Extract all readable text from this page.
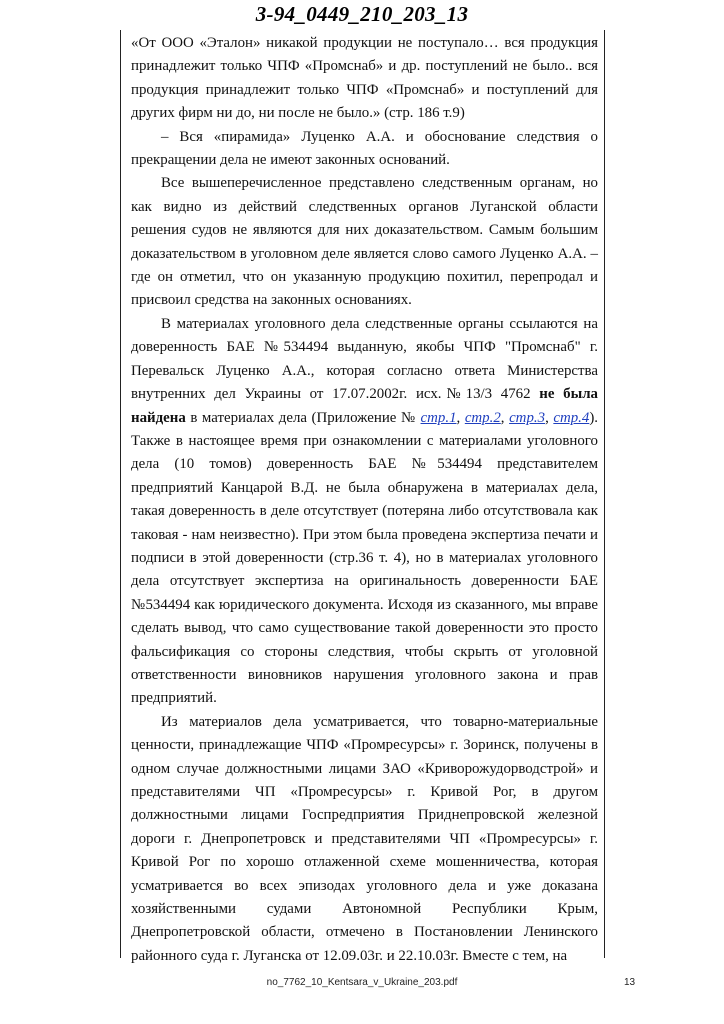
3-94_0449_210_203_13

«От ООО «Эталон» никакой продукции не поступало… вся продукция принадлежит только ЧПФ «Промснаб» и др. поступлений не было.. вся продукция принадлежит только ЧПФ «Промснаб» и поступлений для других фирм ни до, ни после не было.» (стр. 186 т.9)

– Вся «пирамида» Луценко А.А. и обоснование следствия о прекращении дела не имеют законных оснований.

Все вышеперечисленное представлено следственным органам, но как видно из действий следственных органов Луганской области решения судов не являются для них доказательством. Самым большим доказательством в уголовном деле является слово самого Луценко А.А. – где он отметил, что он указанную продукцию похитил, перепродал и присвоил средства на законных основаниях.

В материалах уголовного дела следственные органы ссылаются на доверенность БАЕ №534494 выданную, якобы ЧПФ "Промснаб" г. Перевальск Луценко А.А., которая согласно ответа Министерства внутренних дел Украины от 17.07.2002г. исх.№13/3 4762 не была найдена в материалах дела (Приложение № стр.1, стр.2, стр.3, стр.4). Также в настоящее время при ознакомлении с материалами уголовного дела (10 томов) доверенность БАЕ №534494 представителем предприятий Канцарой В.Д. не была обнаружена в материалах дела, такая доверенность в деле отсутствует (потеряна либо отсутствовала как таковая - нам неизвестно). При этом была проведена экспертиза печати и подписи в этой доверенности (стр.36 т. 4), но в материалах уголовного дела отсутствует экспертиза на оригинальность доверенности БАЕ №534494 как юридического документа. Исходя из сказанного, мы вправе сделать вывод, что само существование такой доверенности это просто фальсификация со стороны следствия, чтобы скрыть от уголовной ответственности виновников нарушения уголовного закона и прав предприятий.

Из материалов дела усматривается, что товарно-материальные ценности, принадлежащие ЧПФ «Промресурсы» г. Зоринск, получены в одном случае должностными лицами ЗАО «Криворожудорводстрой» и представителями ЧП «Промресурсы» г. Кривой Рог, в другом должностными лицами Госпредприятия Приднепровской железной дороги г. Днепропетровск и представителями ЧП «Промресурсы» г. Кривой Рог по хорошо отлаженной схеме мошенничества, которая усматривается во всех эпизодах уголовного дела и уже доказана хозяйственными судами Автономной Республики Крым, Днепропетровской области, отмечено в Постановлении Ленинского районного суда г. Луганска от 12.09.03г. и 22.10.03г. Вместе с тем, на

no_7762_10_Kentsara_v_Ukraine_203.pdf	13
